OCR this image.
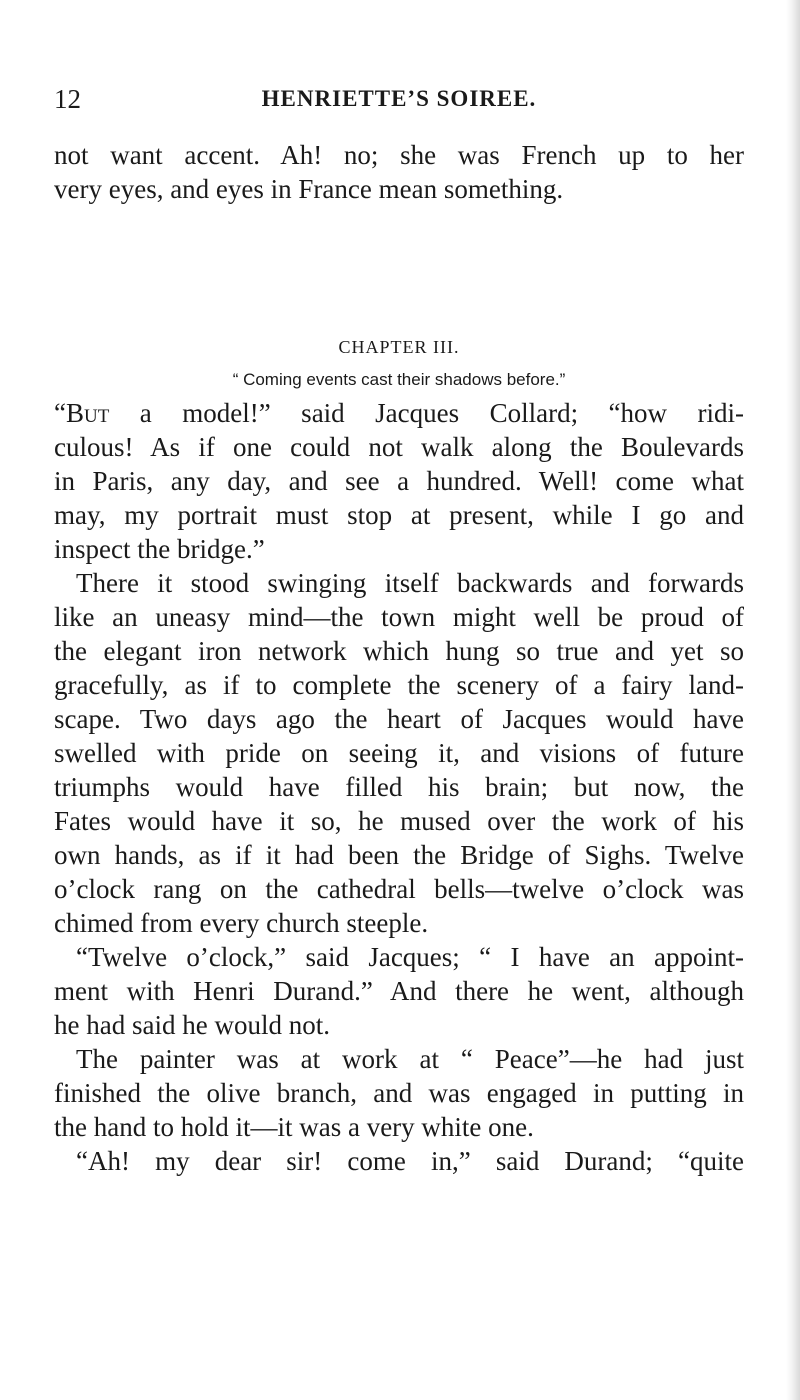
12	HENRIETTE’S SOIREE.
not want accent. Ah! no; she was French up to her
very eyes, and eyes in France mean something.
CHAPTER III.
“ Coming events cast their shadows before.”
“But a model!” said Jacques Collard; “how ridi-
culous! As if one could not walk along the Boulevards
in Paris, any day, and see a hundred. Well! come what
may, my portrait must stop at present, while I go and
inspect the bridge.”
There it stood swinging itself backwards and forwards
like an uneasy mind—the town might well be proud of
the elegant iron network which hung so true and yet so
gracefully, as if to complete the scenery of a fairy land-
scape. Two days ago the heart of Jacques would have
swelled with pride on seeing it, and visions of future
triumphs would have filled his brain; but now, the
Fates would have it so, he mused over the work of his
own hands, as if it had been the Bridge of Sighs. Twelve
o’clock rang on the cathedral bells—twelve o’clock was
chimed from every church steeple.
“Twelve o’clock,” said Jacques; “ I have an appoint-
ment with Henri Durand.” And there he went, although
he had said he would not.
The painter was at work at “ Peace”—he had just
finished the olive branch, and was engaged in putting in
the hand to hold it—it was a very white one.
“Ah! my dear sir! come in,” said Durand; “quite
